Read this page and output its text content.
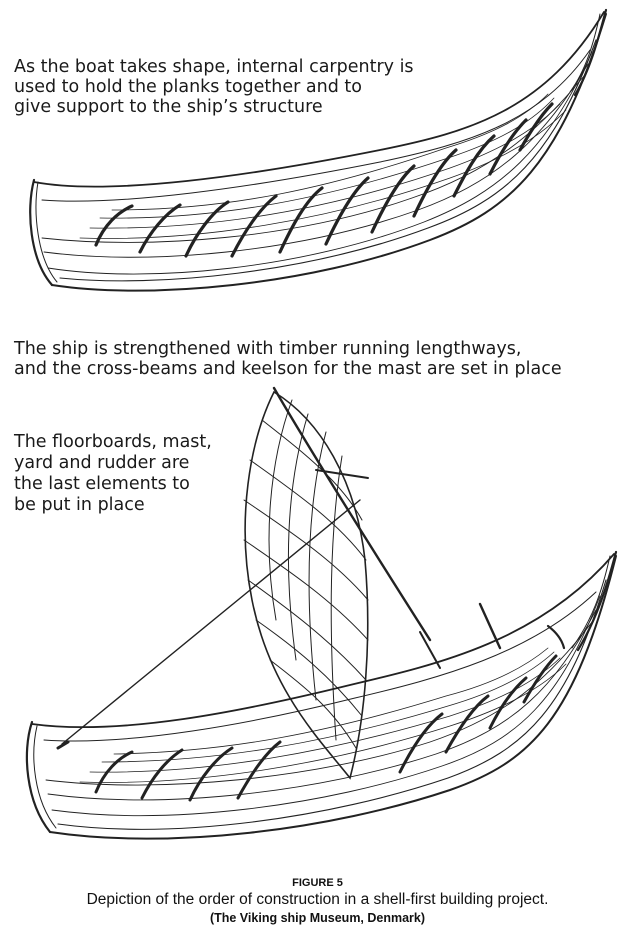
As the boat takes shape, internal carpentry is
used to hold the planks together and to
give support to the ship’s structure
The ship is strengthened with timber running lengthways,
and the cross-beams and keelson for the mast are set in place
The floorboards, mast,
yard and rudder are
the last elements to
be put in place
FIGURE 5
Depiction of the order of construction in a shell-first building project.
(The Viking ship Museum, Denmark)
